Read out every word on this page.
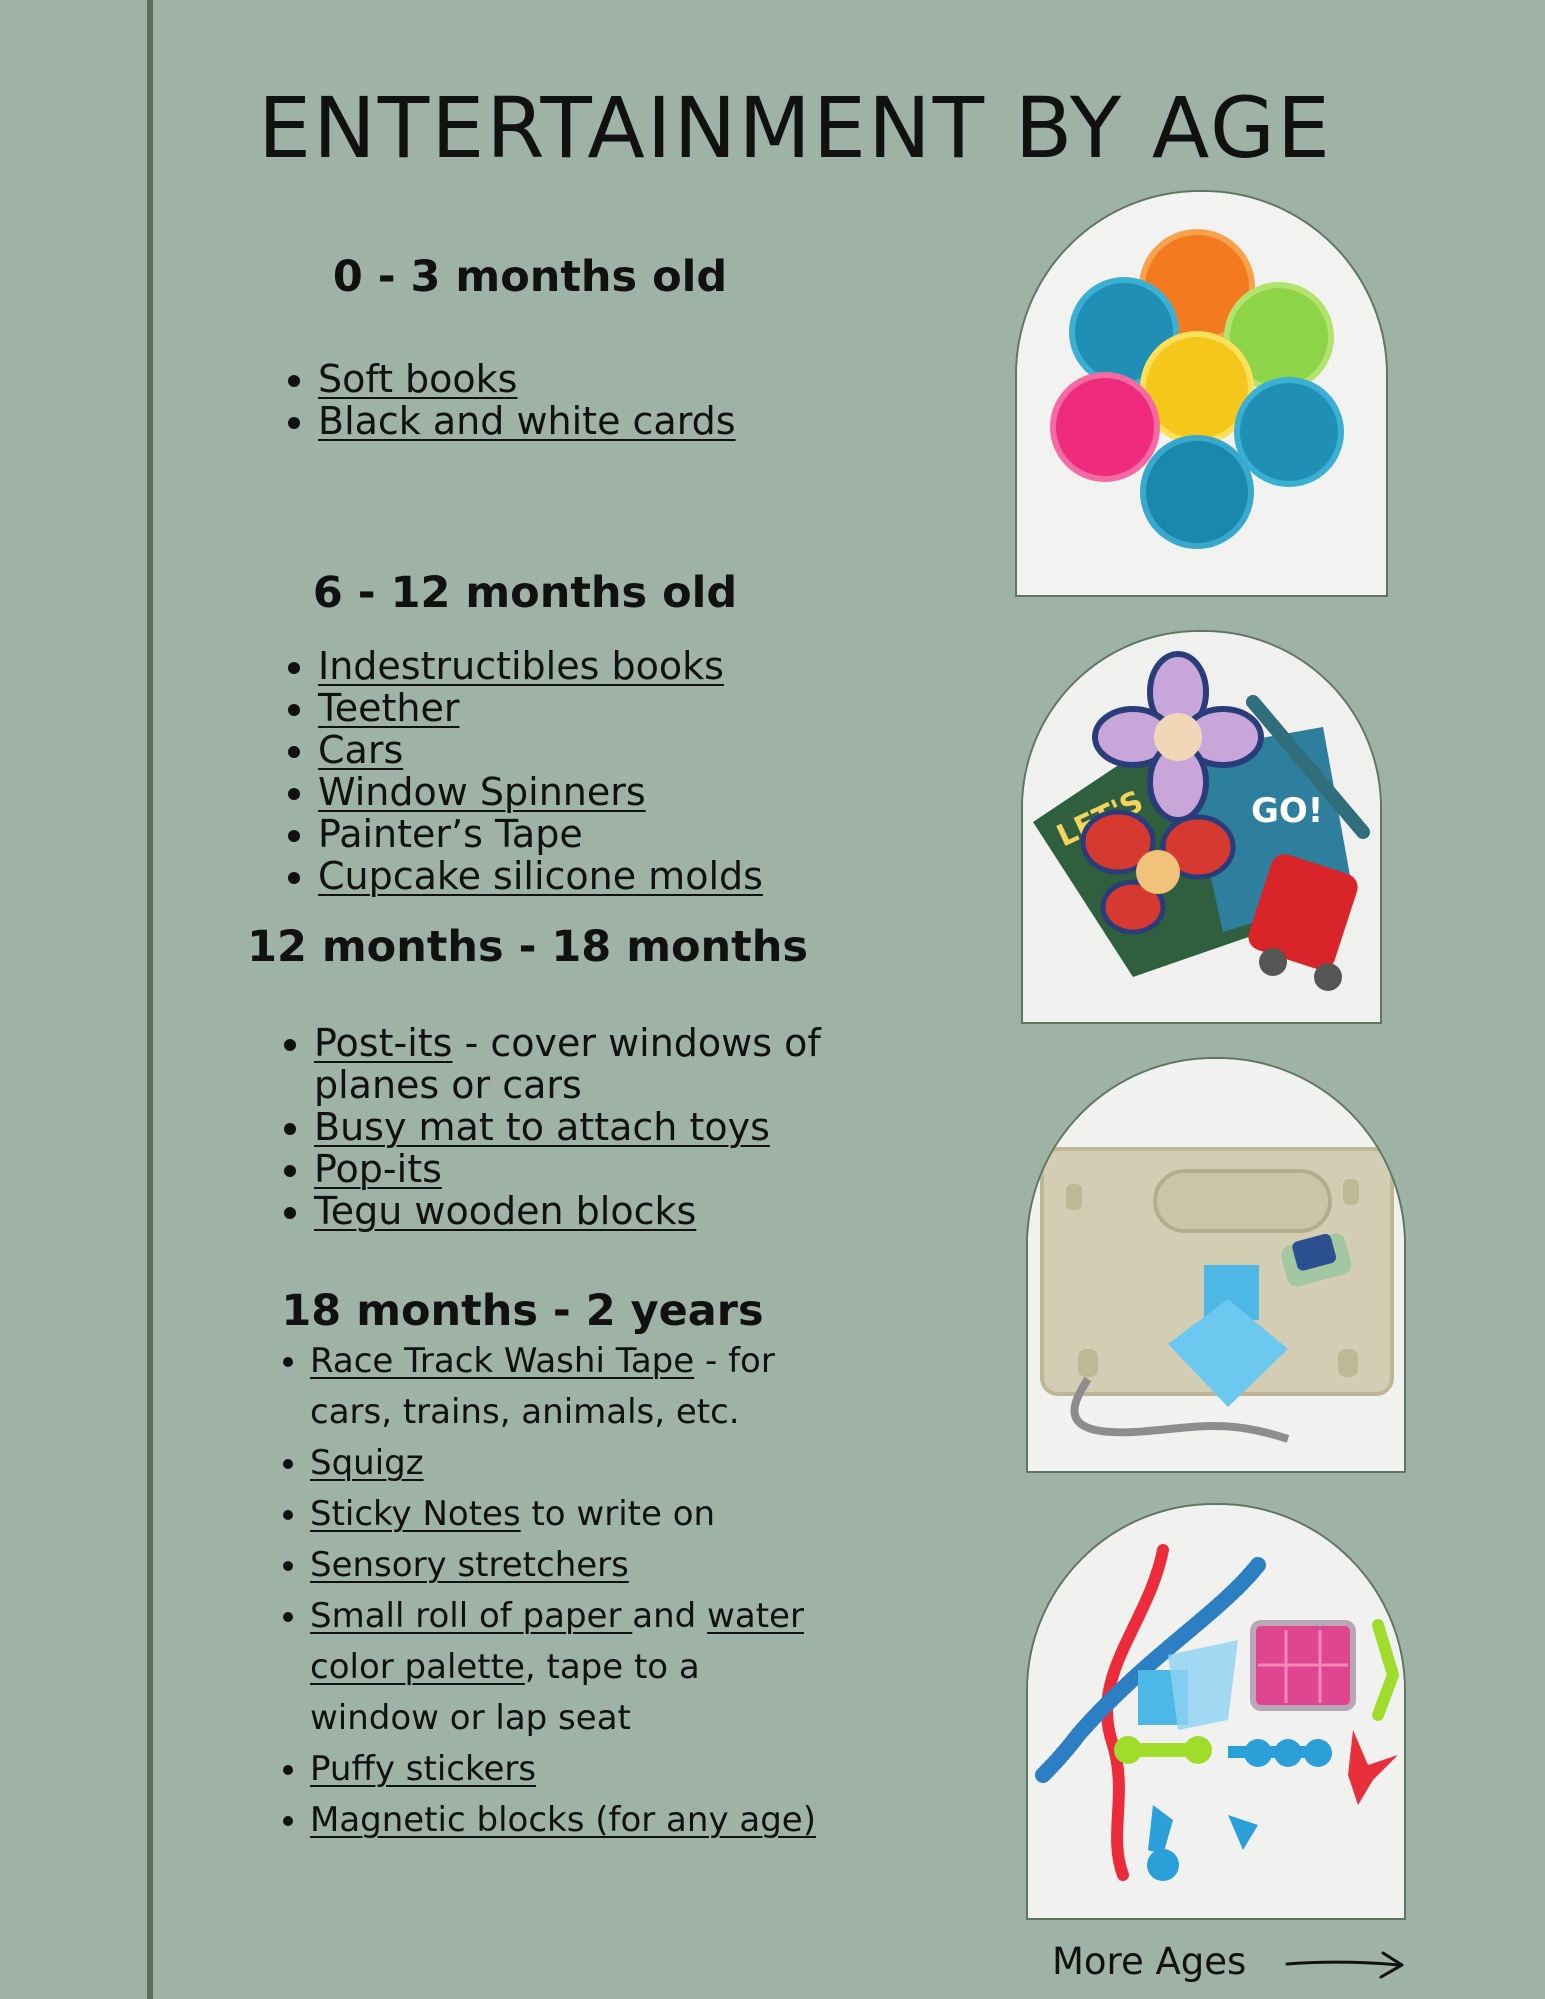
ENTERTAINMENT BY AGE
0 - 3 months old
• Soft books
• Black and white cards
6 - 12 months old
• Indestructibles books
• Teether
• Cars
• Window Spinners
• Painter’s Tape
• Cupcake silicone molds
12 months - 18 months
• Post-its - cover windows of planes or cars
• Busy mat to attach toys
• Pop-its
• Tegu wooden blocks
18 months - 2 years
• Race Track Washi Tape - for cars, trains, animals, etc.
• Squigz
• Sticky Notes to write on
• Sensory stretchers
• Small roll of paper and water color palette, tape to a window or lap seat
• Puffy stickers
• Magnetic blocks (for any age)
GO!
More Ages
